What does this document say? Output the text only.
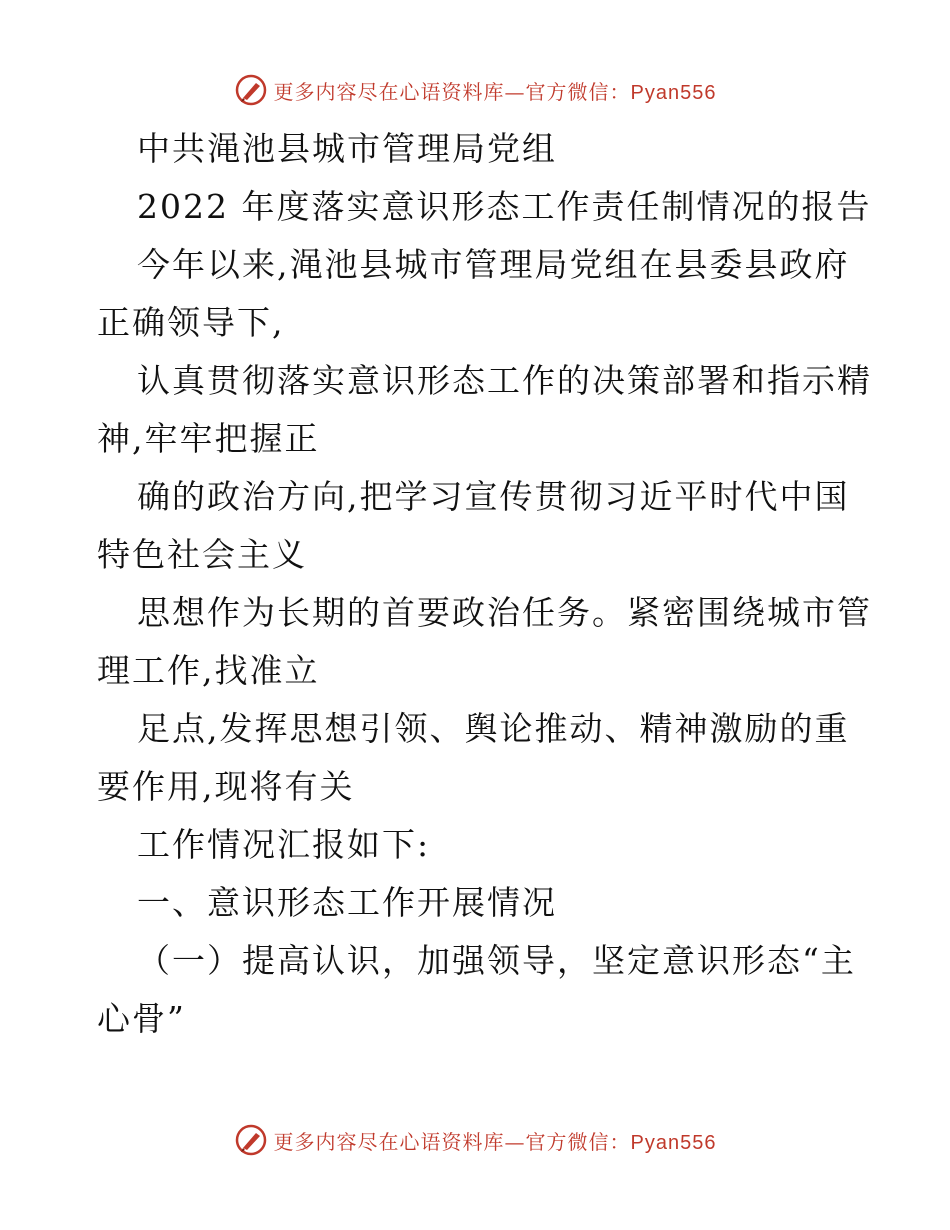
更多内容尽在心语资料库—官方微信：Pyan556

中共渑池县城市管理局党组

2022 年度落实意识形态工作责任制情况的报告

今年以来,渑池县城市管理局党组在县委县政府

正确领导下,

认真贯彻落实意识形态工作的决策部署和指示精

神,牢牢把握正

确的政治方向,把学习宣传贯彻习近平时代中国

特色社会主义

思想作为长期的首要政治任务。紧密围绕城市管

理工作,找准立

足点,发挥思想引领、舆论推动、精神激励的重

要作用,现将有关

工作情况汇报如下:

一、意识形态工作开展情况

（一）提高认识，加强领导，坚定意识形态“主

心骨”

更多内容尽在心语资料库—官方微信：Pyan556
